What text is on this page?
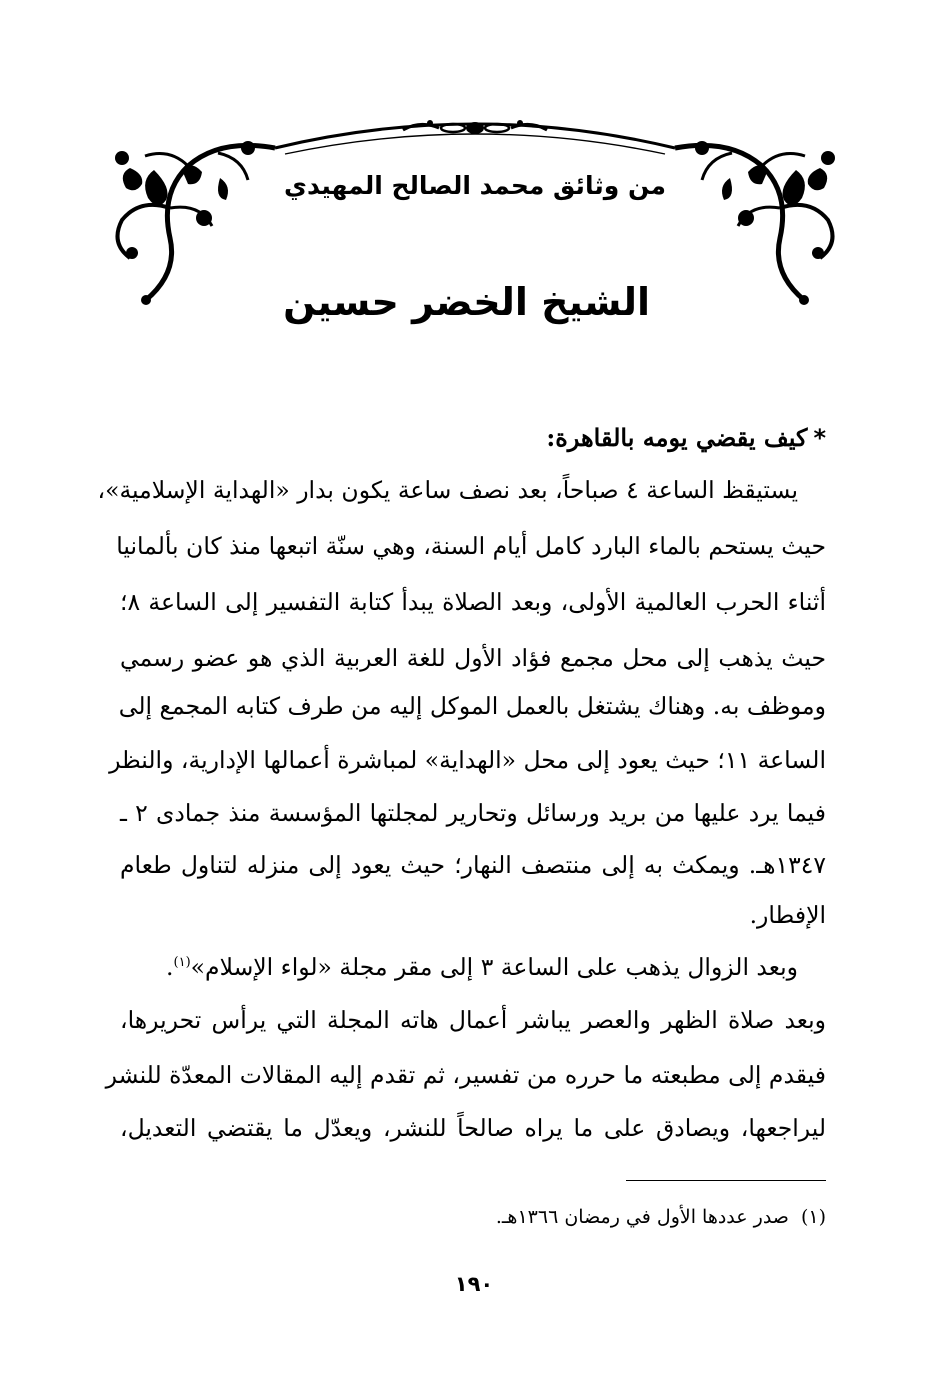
من وثائق محمد الصالح المهيدي
الشيخ الخضر حسين
*كيف يقضي يومه بالقاهرة:
يستيقظ الساعة ٤ صباحاً، بعد نصف ساعة يكون بدار «الهداية الإسلامية»،
حيث يستحم بالماء البارد كامل أيام السنة، وهي سنّة اتبعها منذ كان بألمانيا
أثناء الحرب العالمية الأولى، وبعد الصلاة يبدأ كتابة التفسير إلى الساعة ٨؛
حيث يذهب إلى محل مجمع فؤاد الأول للغة العربية الذي هو عضو رسمي
وموظف به. وهناك يشتغل بالعمل الموكل إليه من طرف كتابه المجمع إلى
الساعة ١١؛ حيث يعود إلى محل «الهداية» لمباشرة أعمالها الإدارية، والنظر
فيما يرد عليها من بريد ورسائل وتحارير لمجلتها المؤسسة منذ جمادى ٢ ـ
١٣٤٧هـ. ويمكث به إلى منتصف النهار؛ حيث يعود إلى منزله لتناول طعام
الإفطار.
وبعد الزوال يذهب على الساعة ٣ إلى مقر مجلة «لواء الإسلام»$^{(١)}$.
وبعد صلاة الظهر والعصر يباشر أعمال هاته المجلة التي يرأس تحريرها،
فيقدم إلى مطبعته ما حرره من تفسير، ثم تقدم إليه المقالات المعدّة للنشر
ليراجعها، ويصادق على ما يراه صالحاً للنشر، ويعدّل ما يقتضي التعديل،
(١)صدر عددها الأول في رمضان ١٣٦٦هـ.
١٩٠
